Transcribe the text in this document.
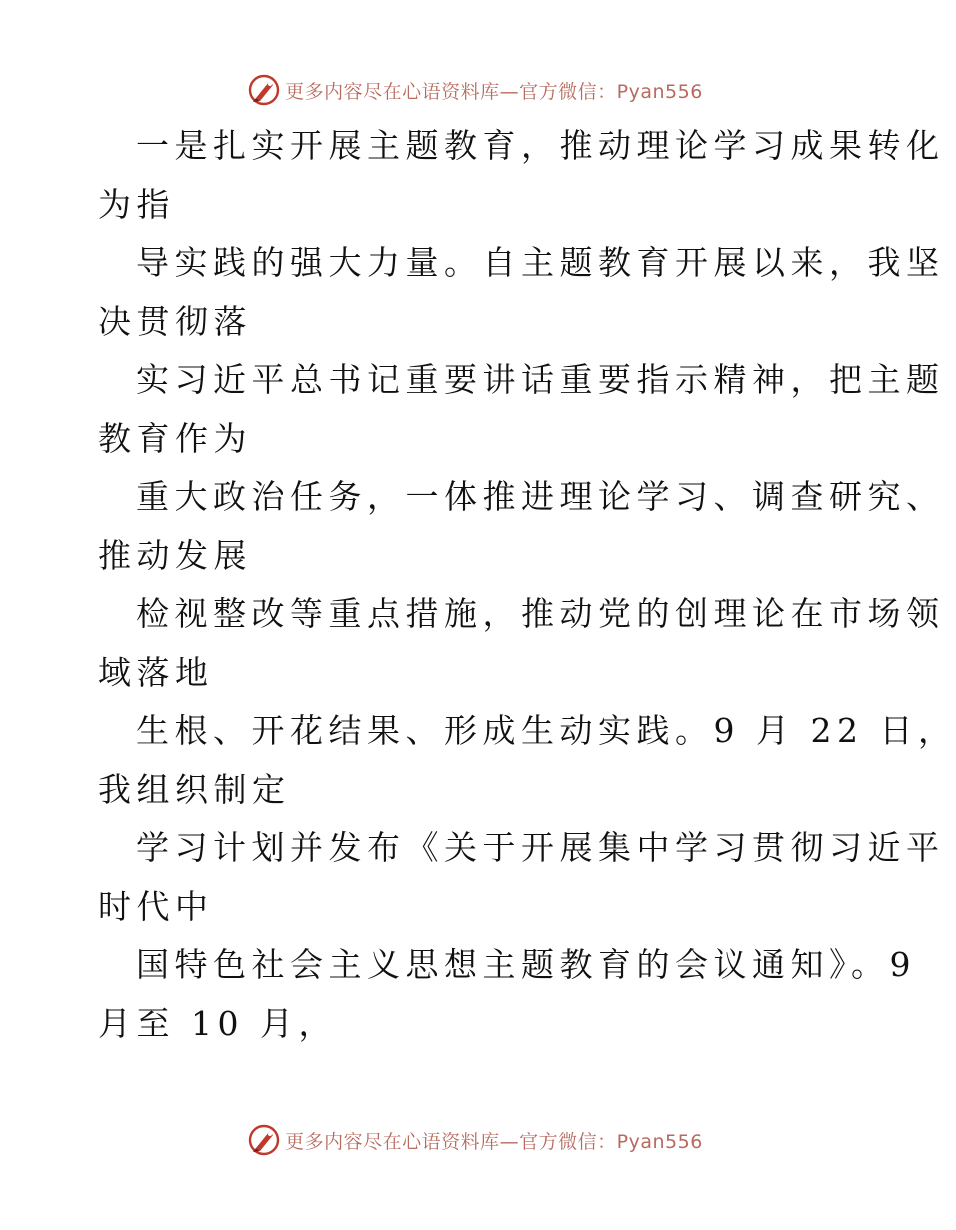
更多内容尽在心语资料库—官方微信：Pyan556
一是扎实开展主题教育，推动理论学习成果转化
为指
导实践的强大力量。自主题教育开展以来，我坚
决贯彻落
实习近平总书记重要讲话重要指示精神，把主题
教育作为
重大政治任务，一体推进理论学习、调查研究、
推动发展
检视整改等重点措施，推动党的创理论在市场领
域落地
生根、开花结果、形成生动实践。9 月 22 日，
我组织制定
学习计划并发布《关于开展集中学习贯彻习近平
时代中
国特色社会主义思想主题教育的会议通知》。9
月至 10 月，
更多内容尽在心语资料库—官方微信：Pyan556
